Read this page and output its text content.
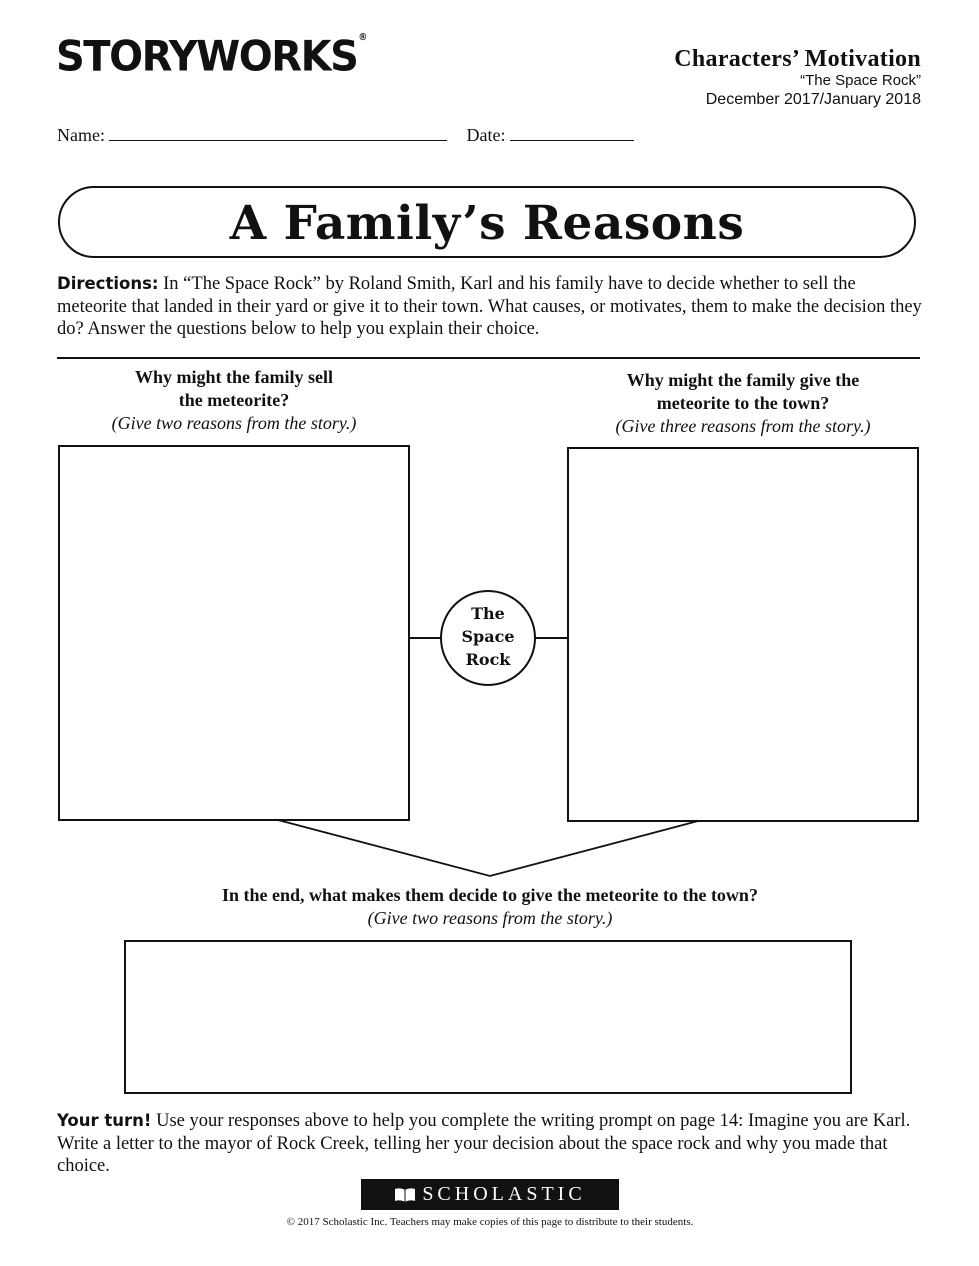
STORYWORKS®
Characters’ Motivation
“The Space Rock”
December 2017/January 2018
Name:	Date:
A Family’s Reasons
Directions: In “The Space Rock” by Roland Smith, Karl and his family have to decide whether to sell the meteorite that landed in their yard or give it to their town. What causes, or motivates, them to make the decision they do? Answer the questions below to help you explain their choice.
Why might the family sell
the meteorite?
(Give two reasons from the story.)
Why might the family give the
meteorite to the town?
(Give three reasons from the story.)
The
Space
Rock
In the end, what makes them decide to give the meteorite to the town?
(Give two reasons from the story.)
Your turn! Use your responses above to help you complete the writing prompt on page 14: Imagine you are Karl. Write a letter to the mayor of Rock Creek, telling her your decision about the space rock and why you made that choice.
SCHOLASTIC
© 2017 Scholastic Inc. Teachers may make copies of this page to distribute to their students.
